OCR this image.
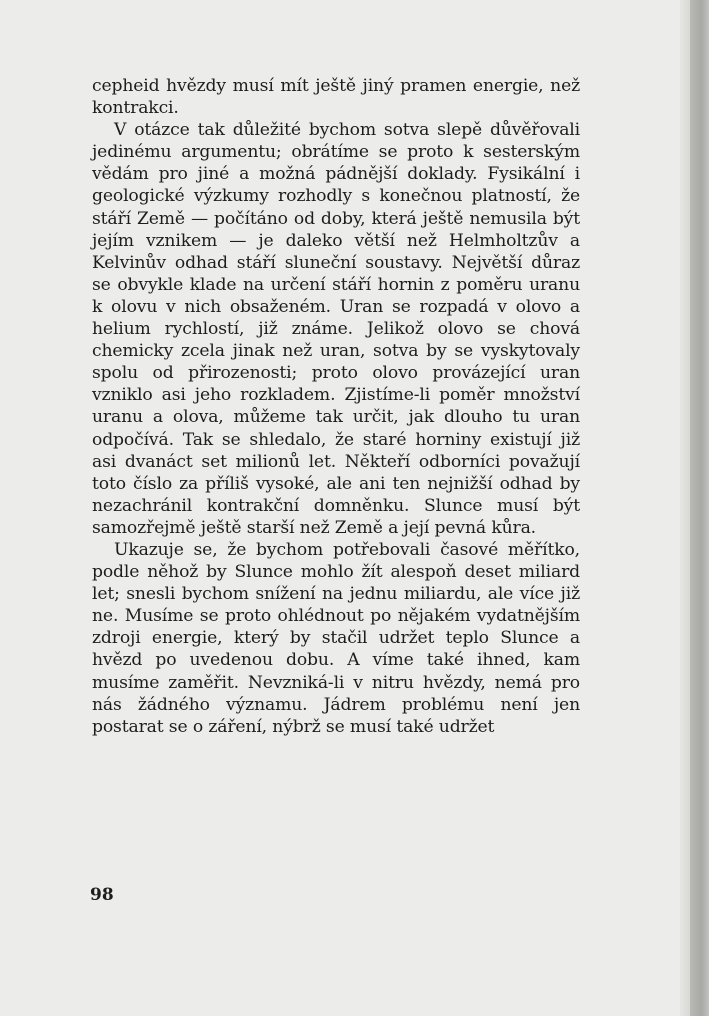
cepheid hvězdy musí mít ještě jiný pramen energie, než kontrakci.

V otázce tak důležité bychom sotva slepě důvěřovali jedinému argumentu; obrátíme se proto k sesterským vědám pro jiné a možná pádnější doklady. Fysikální i geologické výzkumy rozhodly s konečnou platností, že stáří Země — počítáno od doby, která ještě nemusila být jejím vznikem — je daleko větší než Helmholtzův a Kelvinův odhad stáří sluneční soustavy. Největší důraz se obvykle klade na určení stáří hornin z poměru uranu k olovu v nich obsaženém. Uran se rozpadá v olovo a helium rychlostí, již známe. Jelikož olovo se chová chemicky zcela jinak než uran, sotva by se vyskytovaly spolu od přirozenosti; proto olovo provázející uran vzniklo asi jeho rozkladem. Zjistíme-li poměr množství uranu a olova, můžeme tak určit, jak dlouho tu uran odpočívá. Tak se shledalo, že staré horniny existují již asi dvanáct set milionů let. Někteří odborníci považují toto číslo za příliš vysoké, ale ani ten nejnižší odhad by nezachránil kontrakční domněnku. Slunce musí být samozřejmě ještě starší než Země a její pevná kůra.

Ukazuje se, že bychom potřebovali časové měřítko, podle něhož by Slunce mohlo žít alespoň deset miliard let; snesli bychom snížení na jednu miliardu, ale více již ne. Musíme se proto ohlédnout po nějakém vydatnějším zdroji energie, který by stačil udržet teplo Slunce a hvězd po uvedenou dobu. A víme také ihned, kam musíme zaměřit. Nevzniká-li v nitru hvězdy, nemá pro nás žádného významu. Jádrem problému není jen postarat se o záření, nýbrž se musí také udržet

98
